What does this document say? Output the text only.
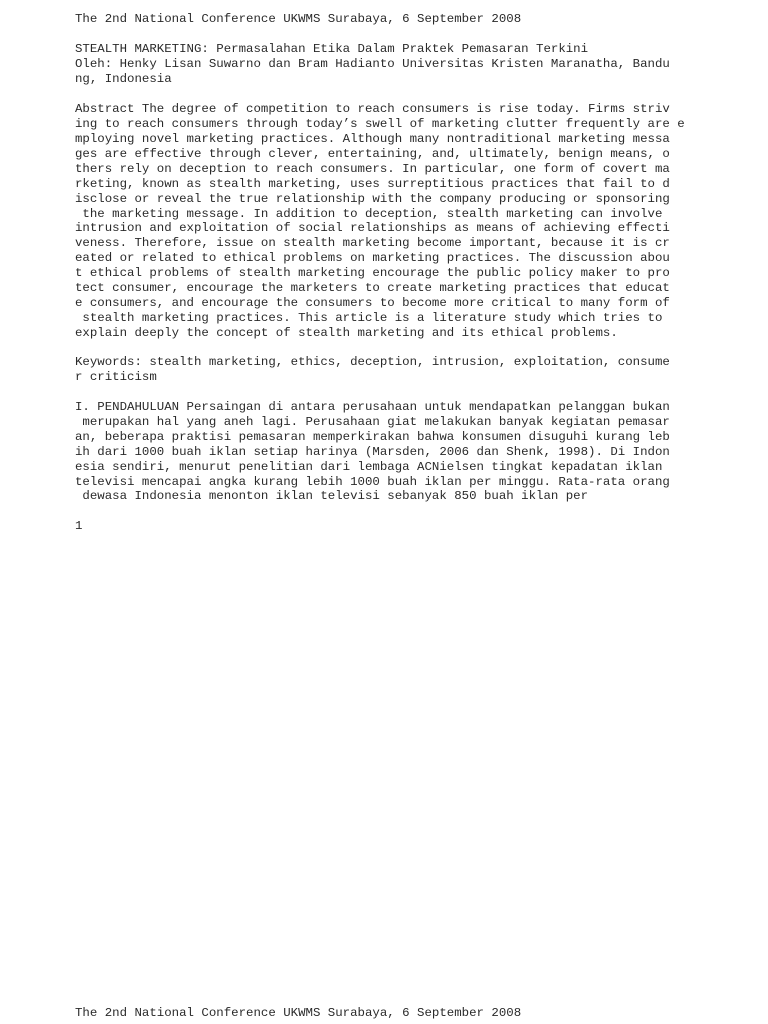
The 2nd National Conference UKWMS Surabaya, 6 September 2008

STEALTH MARKETING: Permasalahan Etika Dalam Praktek Pemasaran Terkini

Oleh: Henky Lisan Suwarno dan Bram Hadianto Universitas Kristen Maranatha, Bandu

ng, Indonesia

Abstract The degree of competition to reach consumers is rise today. Firms striv

ing to reach consumers through today’s swell of marketing clutter frequently are e

mploying novel marketing practices. Although many nontraditional marketing messa

ges are effective through clever, entertaining, and, ultimately, benign means, o

thers rely on deception to reach consumers. In particular, one form of covert ma

rketing, known as stealth marketing, uses surreptitious practices that fail to d

isclose or reveal the true relationship with the company producing or sponsoring

the marketing message. In addition to deception, stealth marketing can involve

intrusion and exploitation of social relationships as means of achieving effecti

veness. Therefore, issue on stealth marketing become important, because it is cr

eated or related to ethical problems on marketing practices. The discussion abou

t ethical problems of stealth marketing encourage the public policy maker to pro

tect consumer, encourage the marketers to create marketing practices that educat

e consumers, and encourage the consumers to become more critical to many form of

stealth marketing practices. This article is a literature study which tries to

explain deeply the concept of stealth marketing and its ethical problems.

Keywords: stealth marketing, ethics, deception, intrusion, exploitation, consume

r criticism

I. PENDAHULUAN Persaingan di antara perusahaan untuk mendapatkan pelanggan bukan

merupakan hal yang aneh lagi. Perusahaan giat melakukan banyak kegiatan pemasar

an, beberapa praktisi pemasaran memperkirakan bahwa konsumen disuguhi kurang leb

ih dari 1000 buah iklan setiap harinya (Marsden, 2006 dan Shenk, 1998). Di Indon

esia sendiri, menurut penelitian dari lembaga ACNielsen tingkat kepadatan iklan

televisi mencapai angka kurang lebih 1000 buah iklan per minggu. Rata-rata orang

dewasa Indonesia menonton iklan televisi sebanyak 850 buah iklan per

1

The 2nd National Conference UKWMS Surabaya, 6 September 2008
